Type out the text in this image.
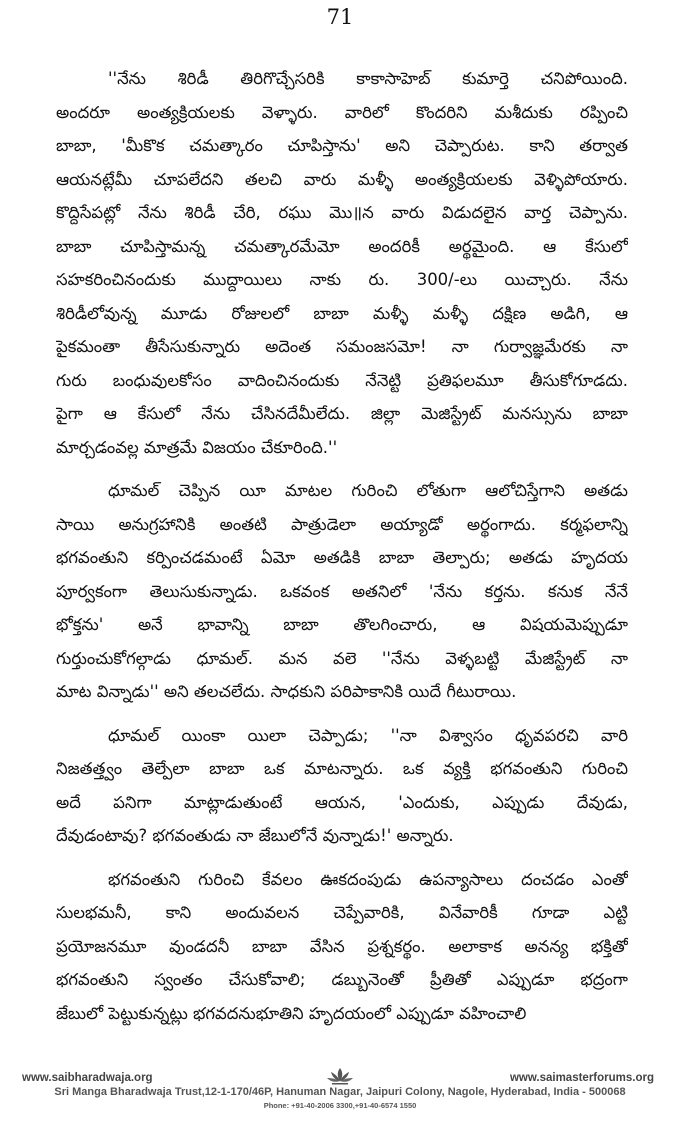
71
''నేను శిరిడీ తిరిగొచ్చేసరికి కాకాసాహెబ్ కుమార్తె చనిపోయింది.
అందరూ అంత్యక్రియలకు వెళ్ళారు. వారిలో కొందరిని మశీదుకు రప్పించి
బాబా, 'మీకొక చమత్కారం చూపిస్తాను' అని చెప్పారుట. కాని తర్వాత
ఆయనట్లేమీ చూపలేదని తలచి వారు మళ్ళీ అంత్యక్రియలకు వెళ్ళిపోయారు.
కొద్దిసేపట్లో నేను శిరిడీ చేరి, రఘు మొ॥న వారు విడుదలైన వార్త చెప్పాను.
బాబా చూపిస్తామన్న చమత్కారమేమో అందరికీ అర్థమైంది. ఆ కేసులో
సహకరించినందుకు ముద్దాయిలు నాకు రు. 300/-లు యిచ్చారు. నేను
శిరిడీలోవున్న మూడు రోజులలో బాబా మళ్ళీ మళ్ళీ దక్షిణ అడిగి, ఆ
పైకమంతా తీసేసుకున్నారు అదెంత సమంజసమో! నా గుర్వాజ్ఞమేరకు నా
గురు బంధువులకోసం వాదించినందుకు నేనెట్టి ప్రతిఫలమూ తీసుకోగూడదు.
పైగా ఆ కేసులో నేను చేసినదేమీలేదు. జిల్లా మెజిస్ట్రేట్ మనస్సును బాబా
మార్చడంవల్ల మాత్రమే విజయం చేకూరింది.''
ధూమల్ చెప్పిన యీ మాటల గురించి లోతుగా ఆలోచిస్తేగాని అతడు
సాయి అనుగ్రహానికి అంతటి పాత్రుడెలా అయ్యాడో అర్థంగాదు. కర్మఫలాన్ని
భగవంతుని కర్పించడమంటే ఏమో అతడికి బాబా తెల్పారు; అతడు హృదయ
పూర్వకంగా తెలుసుకున్నాడు. ఒకవంక అతనిలో 'నేను కర్తను. కనుక నేనే
భోక్తను' అనే భావాన్ని బాబా తొలగించారు, ఆ విషయమెప్పుడూ
గుర్తుంచుకోగల్గాడు ధూమల్. మన వలె ''నేను వెళ్ళబట్టి మేజిస్ట్రేట్ నా
మాట విన్నాడు'' అని తలచలేదు. సాధకుని పరిపాకానికి యిదే గీటురాయి.
ధూమల్ యింకా యిలా చెప్పాడు; ''నా విశ్వాసం ధృవపరచి వారి
నిజతత్త్వం తెల్పేలా బాబా ఒక మాటన్నారు. ఒక వ్యక్తి భగవంతుని గురించి
అదే పనిగా మాట్లాడుతుంటే ఆయన, 'ఎందుకు, ఎప్పుడు దేవుడు,
దేవుడంటావు? భగవంతుడు నా జేబులోనే వున్నాడు!' అన్నారు.
భగవంతుని గురించి కేవలం ఊకదంపుడు ఉపన్యాసాలు దంచడం ఎంతో
సులభమనీ, కాని అందువలన చెప్పేవారికి, వినేవారికీ గూడా ఎట్టి
ప్రయోజనమూ వుండదనీ బాబా వేసిన ప్రశ్నకర్థం. అలాకాక అనన్య భక్తితో
భగవంతుని స్వంతం చేసుకోవాలి; డబ్బునెంతో ప్రీతితో ఎప్పుడూ భద్రంగా
జేబులో పెట్టుకున్నట్లు భగవదనుభూతిని హృదయంలో ఎప్పుడూ వహించాలి
www.saibharadwaja.org	www.saimasterforums.org
Sri Manga Bharadwaja Trust,12-1-170/46P, Hanuman Nagar, Jaipuri Colony, Nagole, Hyderabad, India - 500068
Phone: +91-40-2006 3300,+91-40-6574 1550
